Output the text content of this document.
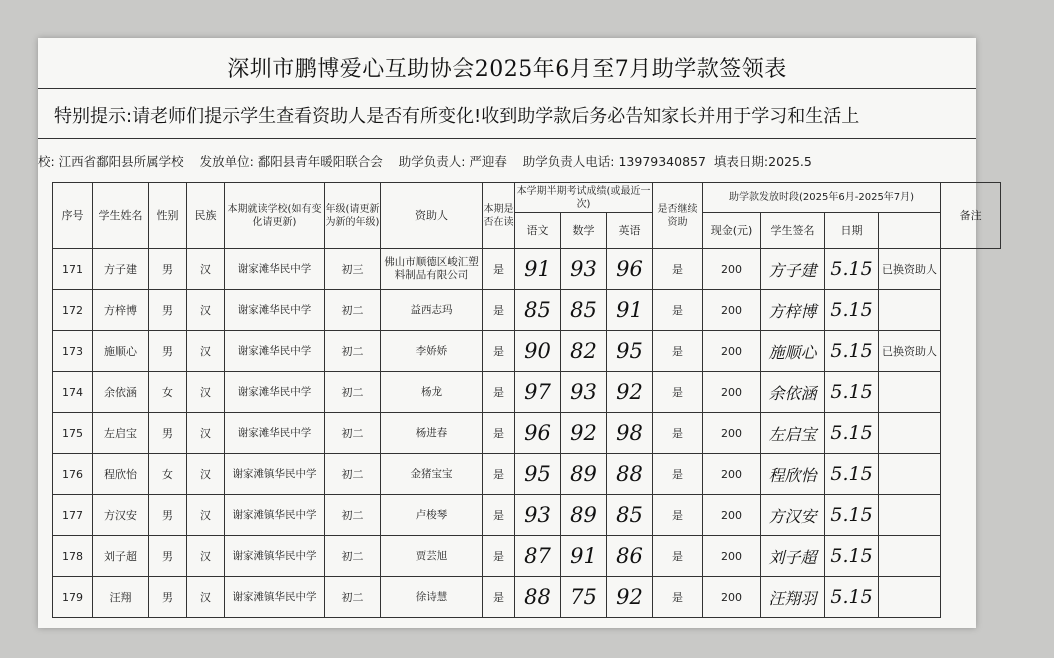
深圳市鹏博爱心互助协会2025年6月至7月助学款签领表
特别提示:请老师们提示学生查看资助人是否有所变化!收到助学款后务必告知家长并用于学习和生活上
校: 江西省鄱阳县所属学校 发放单位: 鄱阳县青年暖阳联合会 助学负责人: 严迎春 助学负责人电话: 13979340857 填表日期:2025.5
序号	学生姓名	性别	民族	本期就读学校(如有变化请更新)	年级(请更新为新的年级)	资助人	本期是否在读	本学期半期考试成绩(或最近一次)			是否继续资助	助学款发放时段(2025年6月-2025年7月)				备注
								语文	数学	英语		现金(元)	学生签名	日期		
171	方子建	男	汉	谢家滩华民中学	初三	佛山市顺德区峻汇塑料制品有限公司	是	91	93	96	是	200	方子建	5.15	已换资助人	
172	方梓博	男	汉	谢家滩华民中学	初二	益西志玛	是	85	85	91	是	200	方梓博	5.15		
173	施顺心	男	汉	谢家滩华民中学	初二	李娇娇	是	90	82	95	是	200	施顺心	5.15	已换资助人	
174	余依涵	女	汉	谢家滩华民中学	初二	杨龙	是	97	93	92	是	200	余依涵	5.15		
175	左启宝	男	汉	谢家滩华民中学	初二	杨进春	是	96	92	98	是	200	左启宝	5.15		
176	程欣怡	女	汉	谢家滩镇华民中学	初二	金猪宝宝	是	95	89	88	是	200	程欣怡	5.15		
177	方汉安	男	汉	谢家滩镇华民中学	初二	卢梭琴	是	93	89	85	是	200	方汉安	5.15		
178	刘子超	男	汉	谢家滩镇华民中学	初二	贾芸旭	是	87	91	86	是	200	刘子超	5.15		
179	汪翔	男	汉	谢家滩镇华民中学	初二	徐诗慧	是	88	75	92	是	200	汪翔羽	5.15		
